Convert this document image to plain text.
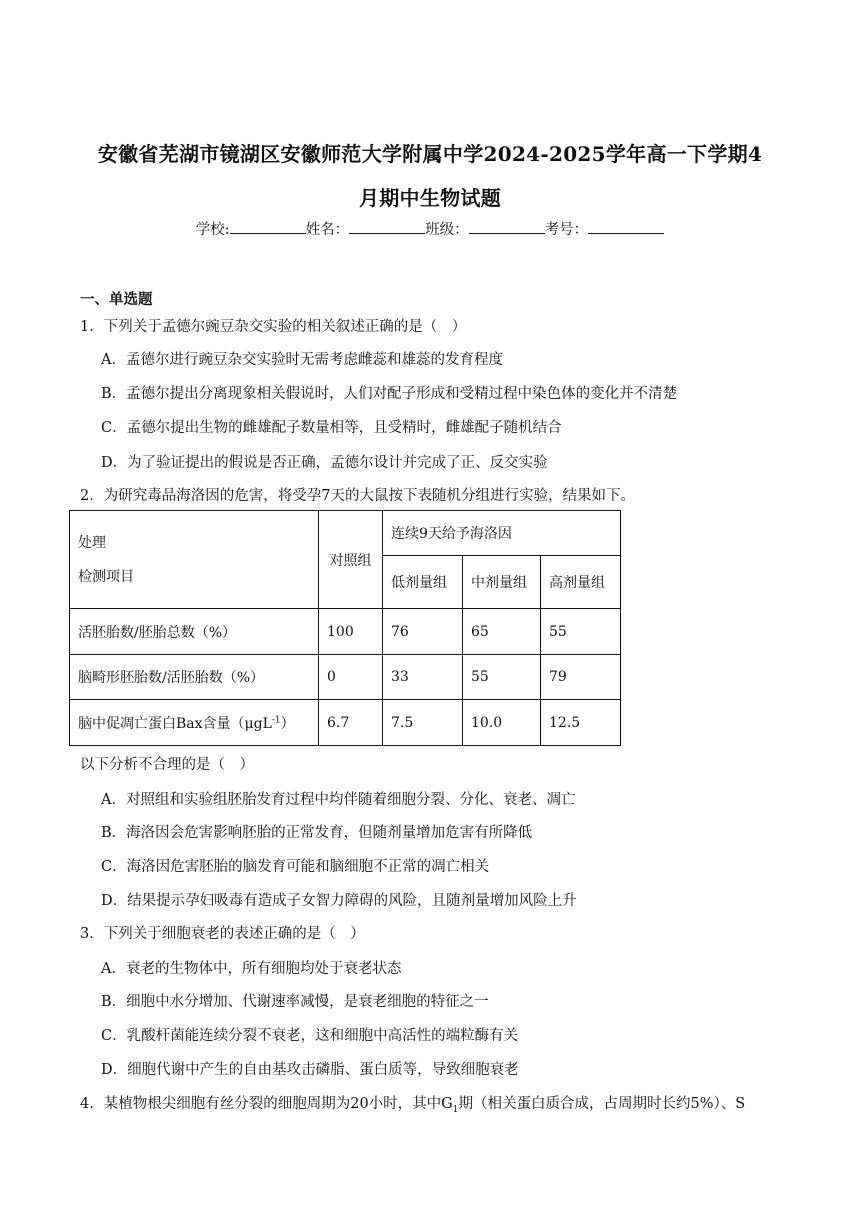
安徽省芜湖市镜湖区安徽师范大学附属中学2024-2025学年高一下学期4
月期中生物试题
学校:	姓名：	班级：	考号：
一、单选题
1．下列关于孟德尔豌豆杂交实验的相关叙述正确的是（　）
A．孟德尔进行豌豆杂交实验时无需考虑雌蕊和雄蕊的发育程度
B．孟德尔提出分离现象相关假说时，人们对配子形成和受精过程中染色体的变化并不清楚
C．孟德尔提出生物的雌雄配子数量相等，且受精时，雌雄配子随机结合
D．为了验证提出的假说是否正确，孟德尔设计并完成了正、反交实验
2．为研究毒品海洛因的危害，将受孕7天的大鼠按下表随机分组进行实验，结果如下。
处理
检测项目	对照组	连续9天给予海洛因		
		低剂量组	中剂量组	高剂量组
活胚胎数/胚胎总数（%）	100	76	65	55
脑畸形胚胎数/活胚胎数（%）	0	33	55	79
脑中促凋亡蛋白Bax含量（μgL$^{-1}$）	6.7	7.5	10.0	12.5
以下分析不合理的是（　）
A．对照组和实验组胚胎发育过程中均伴随着细胞分裂、分化、衰老、凋亡
B．海洛因会危害影响胚胎的正常发育，但随剂量增加危害有所降低
C．海洛因危害胚胎的脑发育可能和脑细胞不正常的凋亡相关
D．结果提示孕妇吸毒有造成子女智力障碍的风险，且随剂量增加风险上升
3．下列关于细胞衰老的表述正确的是（　）
A．衰老的生物体中，所有细胞均处于衰老状态
B．细胞中水分增加、代谢速率减慢，是衰老细胞的特征之一
C．乳酸杆菌能连续分裂不衰老，这和细胞中高活性的端粒酶有关
D．细胞代谢中产生的自由基攻击磷脂、蛋白质等，导致细胞衰老
4．某植物根尖细胞有丝分裂的细胞周期为20小时，其中$G_1$期（相关蛋白质合成，占周期时长约5%）、S
